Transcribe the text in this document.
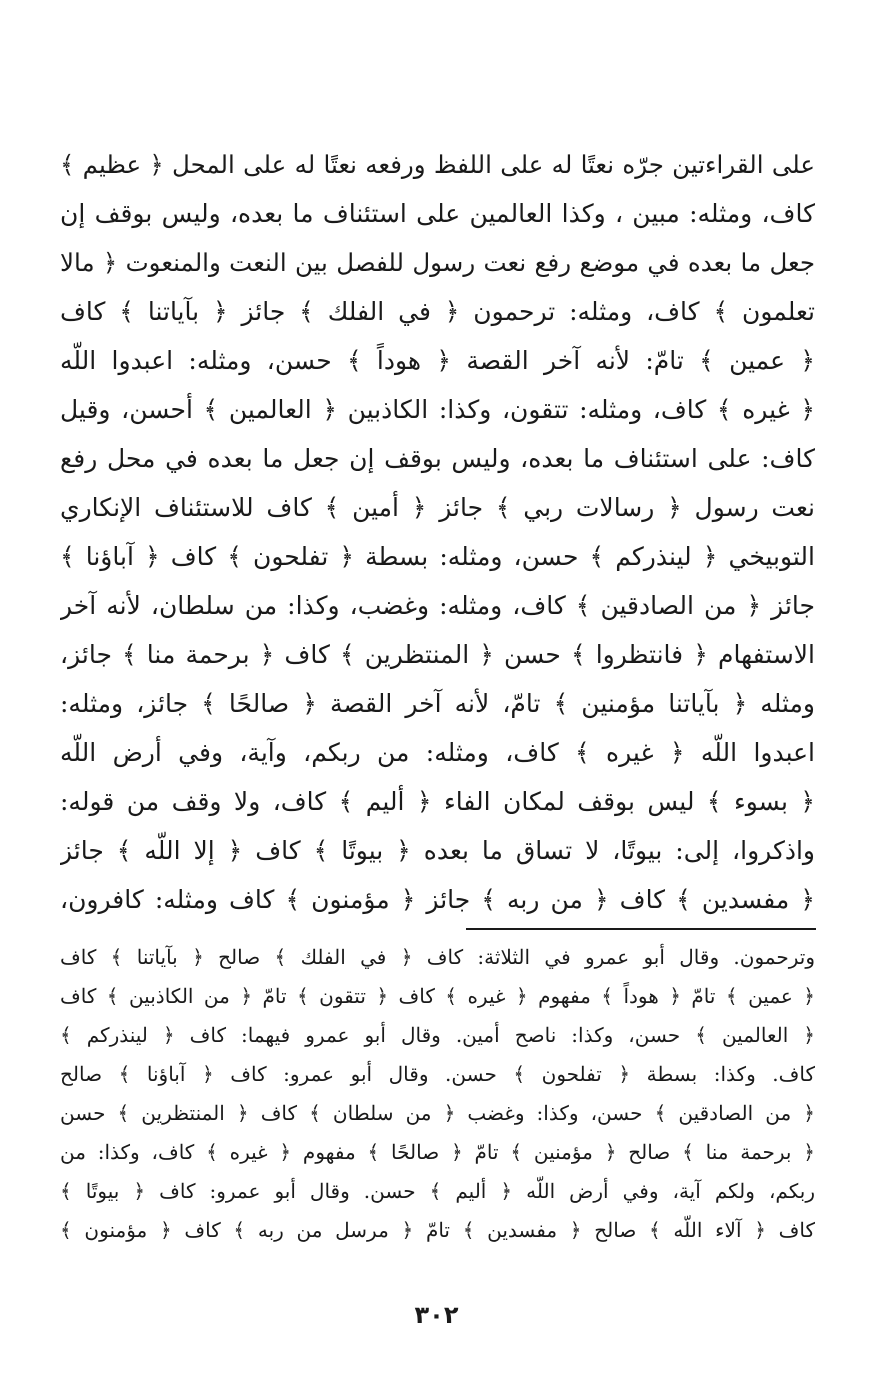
على القراءتين جرّه نعتًا له على اللفظ ورفعه نعتًا له على المحل ﴿ عظيم ﴾
كاف، ومثله: مبين ، وكذا العالمين على استئناف ما بعده، وليس بوقف إن
جعل ما بعده في موضع رفع نعت رسول للفصل بين النعت والمنعوت ﴿ مالا
تعلمون ﴾ كاف، ومثله: ترحمون ﴿ في الفلك ﴾ جائز ﴿ بآياتنا ﴾ كاف
﴿ عمين ﴾ تامّ: لأنه آخر القصة ﴿ هوداً ﴾ حسن، ومثله: اعبدوا اللّه
﴿ غيره ﴾ كاف، ومثله: تتقون، وكذا: الكاذبين ﴿ العالمين ﴾ أحسن، وقيل
كاف: على استئناف ما بعده، وليس بوقف إن جعل ما بعده في محل رفع
نعت رسول ﴿ رسالات ربي ﴾ جائز ﴿ أمين ﴾ كاف للاستئناف الإنكاري
التوبيخي ﴿ لينذركم ﴾ حسن، ومثله: بسطة ﴿ تفلحون ﴾ كاف ﴿ آباؤنا ﴾
جائز ﴿ من الصادقين ﴾ كاف، ومثله: وغضب، وكذا: من سلطان، لأنه آخر
الاستفهام ﴿ فانتظروا ﴾ حسن ﴿ المنتظرين ﴾ كاف ﴿ برحمة منا ﴾ جائز،
ومثله ﴿ بآياتنا مؤمنين ﴾ تامّ، لأنه آخر القصة ﴿ صالحًا ﴾ جائز، ومثله:
اعبدوا اللّه ﴿ غيره ﴾ كاف، ومثله: من ربكم، وآية، وفي أرض اللّه
﴿ بسوء ﴾ ليس بوقف لمكان الفاء ﴿ أليم ﴾ كاف، ولا وقف من قوله:
واذكروا، إلى: بيوتًا، لا تساق ما بعده ﴿ بيوتًا ﴾ كاف ﴿ إلا اللّه ﴾ جائز
﴿ مفسدين ﴾ كاف ﴿ من ربه ﴾ جائز ﴿ مؤمنون ﴾ كاف ومثله: كافرون،
وترحمون. وقال أبو عمرو في الثلاثة: كاف ﴿ في الفلك ﴾ صالح ﴿ بآياتنا ﴾ كاف
﴿ عمين ﴾ تامّ ﴿ هوداً ﴾ مفهوم ﴿ غيره ﴾ كاف ﴿ تتقون ﴾ تامّ ﴿ من الكاذبين ﴾ كاف
﴿ العالمين ﴾ حسن، وكذا: ناصح أمين. وقال أبو عمرو فيهما: كاف ﴿ لينذركم ﴾
كاف. وكذا: بسطة ﴿ تفلحون ﴾ حسن. وقال أبو عمرو: كاف ﴿ آباؤنا ﴾ صالح
﴿ من الصادقين ﴾ حسن، وكذا: وغضب ﴿ من سلطان ﴾ كاف ﴿ المنتظرين ﴾ حسن
﴿ برحمة منا ﴾ صالح ﴿ مؤمنين ﴾ تامّ ﴿ صالحًا ﴾ مفهوم ﴿ غيره ﴾ كاف، وكذا: من
ربكم، ولكم آية، وفي أرض اللّه ﴿ أليم ﴾ حسن. وقال أبو عمرو: كاف ﴿ بيوتًا ﴾
كاف ﴿ آلاء اللّه ﴾ صالح ﴿ مفسدين ﴾ تامّ ﴿ مرسل من ربه ﴾ كاف ﴿ مؤمنون ﴾
٣٠٢
